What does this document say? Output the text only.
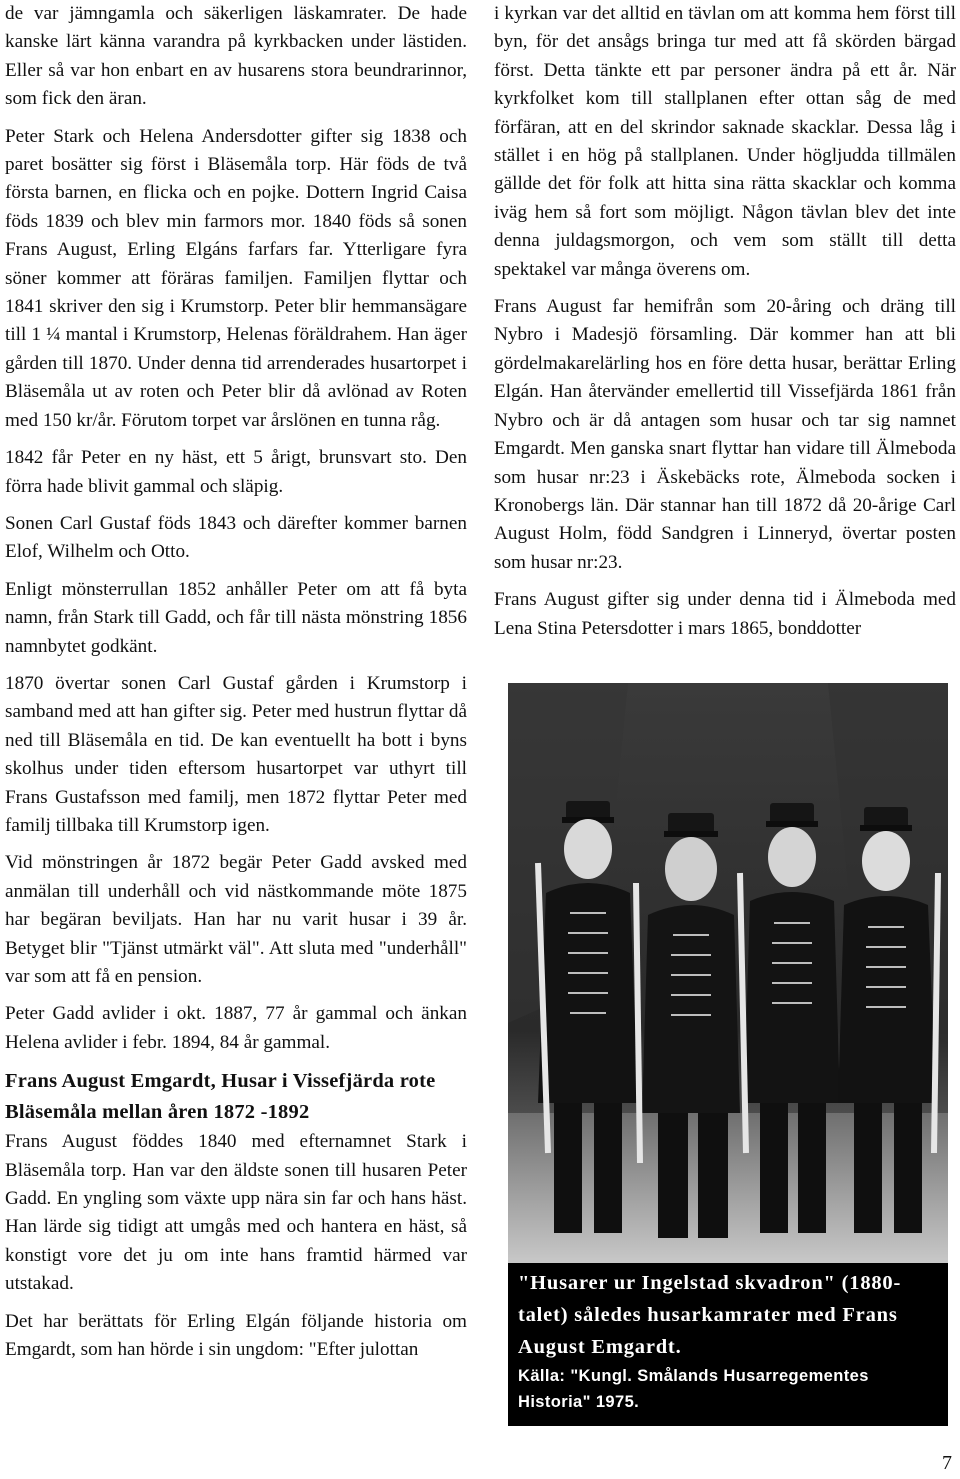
de var jämngamla och säkerligen läskamrater. De hade kanske lärt känna varandra på kyrkbacken under lästiden. Eller så var hon enbart en av husarens stora beundrarinnor, som fick den äran.

Peter Stark och Helena Andersdotter gifter sig 1838 och paret bosätter sig först i Bläsemåla torp. Här föds de två första barnen, en flicka och en pojke. Dottern Ingrid Caisa föds 1839 och blev min farmors mor. 1840 föds så sonen Frans August, Erling Elgáns farfars far. Ytterligare fyra söner kommer att föräras familjen. Familjen flyttar och 1841 skriver den sig i Krumstorp. Peter blir hemmansägare till 1 ¼ mantal i Krumstorp, Helenas föräldrahem. Han äger gården till 1870. Under denna tid arrenderades husartorpet i Bläsemåla ut av roten och Peter blir då avlönad av Roten med 150 kr/år. Förutom torpet var årslönen en tunna råg.

1842 får Peter en ny häst, ett 5 årigt, brunsvart sto. Den förra hade blivit gammal och släpig.

Sonen Carl Gustaf föds 1843 och därefter kommer barnen Elof, Wilhelm och Otto.

Enligt mönsterrullan 1852 anhåller Peter om att få byta namn, från Stark till Gadd, och får till nästa mönstring 1856 namnbytet godkänt.

1870 övertar sonen Carl Gustaf gården i Krumstorp i samband med att han gifter sig. Peter med hustrun flyttar då ned till Bläsemåla en tid. De kan eventuellt ha bott i byns skolhus under tiden eftersom husartorpet var uthyrt till Frans Gustafsson med familj, men 1872 flyttar Peter med familj tillbaka till Krumstorp igen.

Vid mönstringen år 1872 begär Peter Gadd avsked med anmälan till underhåll och vid nästkommande möte 1875 har begäran beviljats. Han har nu varit husar i 39 år. Betyget blir "Tjänst utmärkt väl". Att sluta med "underhåll" var som att få en pension.

Peter Gadd avlider i okt. 1887, 77 år gammal och änkan Helena avlider i febr. 1894, 84 år gammal.

Frans August Emgardt, Husar i Vissefjärda rote Bläsemåla mellan åren 1872 -1892

Frans August föddes 1840 med efternamnet Stark i Bläsemåla torp. Han var den äldste sonen till husaren Peter Gadd. En yngling som växte upp nära sin far och hans häst. Han lärde sig tidigt att umgås med och hantera en häst, så konstigt vore det ju om inte hans framtid härmed var utstakad.

Det har berättats för Erling Elgán följande historia om Emgardt, som han hörde i sin ungdom: "Efter julottan

i kyrkan var det alltid en tävlan om att komma hem först till byn, för det ansågs bringa tur med att få skörden bärgad först. Detta tänkte ett par personer ändra på ett år. När kyrkfolket kom till stallplanen efter ottan såg de med förfäran, att en del skrindor saknade skacklar. Dessa låg i stället i en hög på stallplanen. Under högljudda tillmälen gällde det för folk att hitta sina rätta skacklar och komma iväg hem så fort som möjligt. Någon tävlan blev det inte denna juldagsmorgon, och vem som ställt till detta spektakel var många överens om.

Frans August far hemifrån som 20-åring och dräng till Nybro i Madesjö församling. Där kommer han att bli gördelmakarelärling hos en före detta husar, berättar Erling Elgán. Han återvänder emellertid till Vissefjärda 1861 från Nybro och är då antagen som husar och tar sig namnet Emgardt. Men ganska snart flyttar han vidare till Älmeboda som husar nr:23 i Äskebäcks rote, Älmeboda socken i Kronobergs län. Där stannar han till 1872 då 20-årige Carl August Holm, född Sandgren i Linneryd, övertar posten som husar nr:23.

Frans August gifter sig under denna tid i Älmeboda med Lena Stina Petersdotter i mars 1865, bonddotter

"Husarer ur Ingelstad skvadron" (1880-talet) således husarkamrater med Frans August Emgardt.
Källa: "Kungl. Smålands Husarregementes Historia" 1975.
7
